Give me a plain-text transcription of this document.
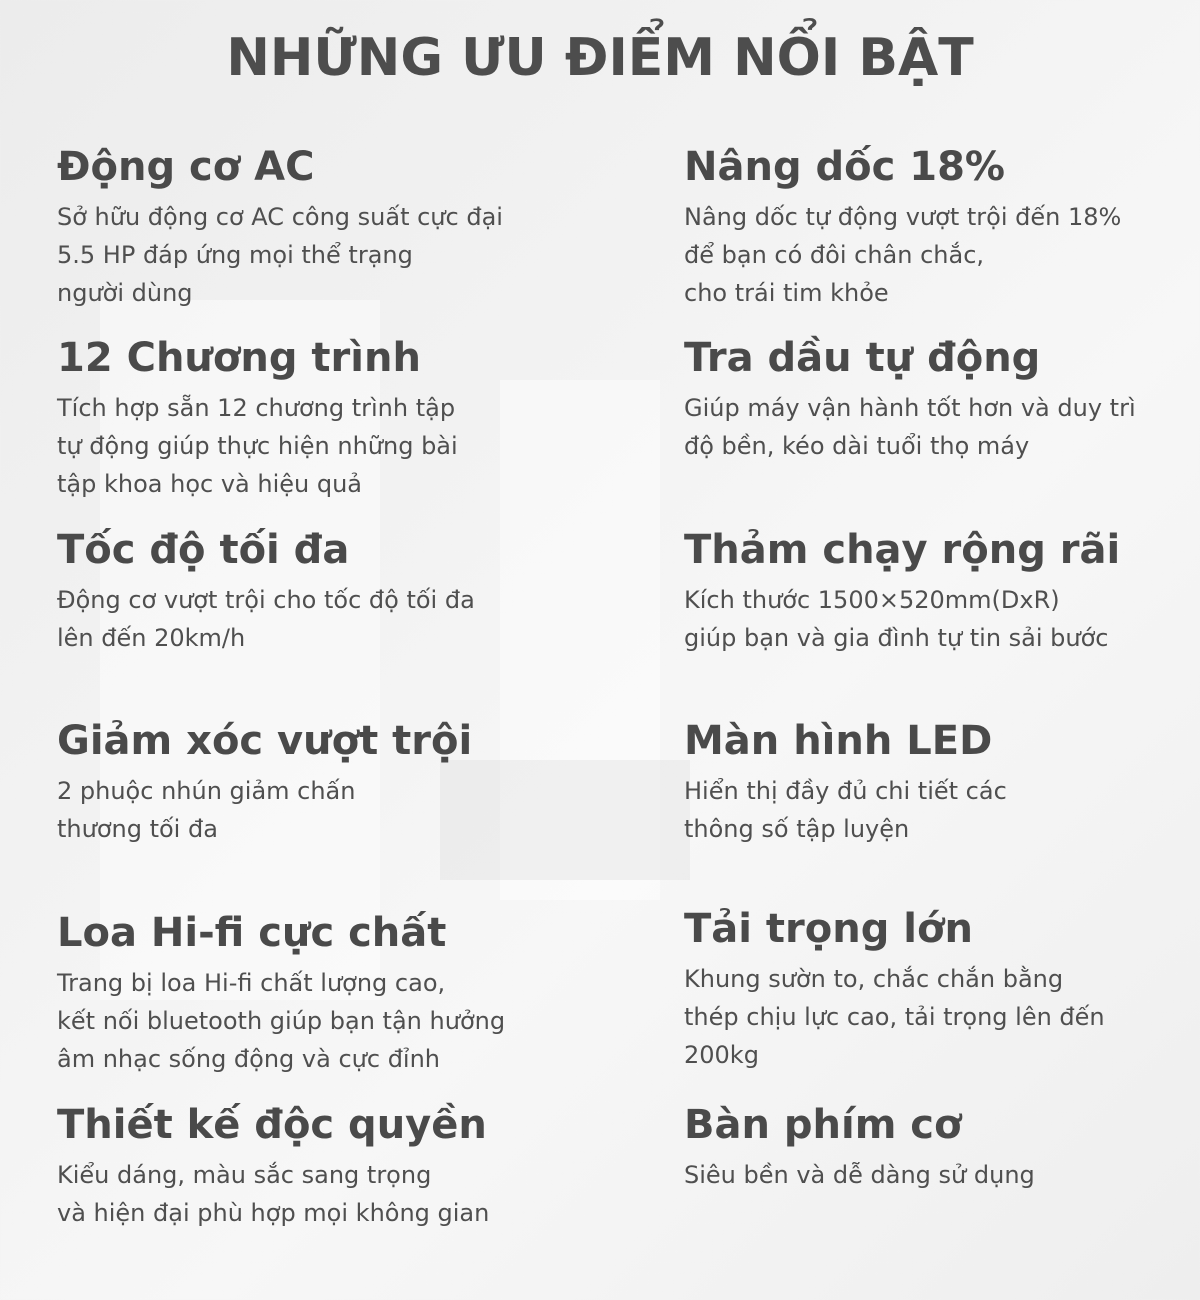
NHỮNG ƯU ĐIỂM NỔI BẬT
Động cơ AC

Sở hữu động cơ AC công suất cực đại
5.5 HP đáp ứng mọi thể trạng
người dùng

12 Chương trình

Tích hợp sẵn 12 chương trình tập
tự động giúp thực hiện những bài
tập khoa học và hiệu quả

Tốc độ tối đa

Động cơ vượt trội cho tốc độ tối đa
lên đến 20km/h

Giảm xóc vượt trội

2 phuộc nhún giảm chấn
thương tối đa

Loa Hi-fi cực chất

Trang bị loa Hi-fi chất lượng cao,
kết nối bluetooth giúp bạn tận hưởng
âm nhạc sống động và cực đỉnh

Thiết kế độc quyền

Kiểu dáng, màu sắc sang trọng
và hiện đại phù hợp mọi không gian

Nâng dốc 18%

Nâng dốc tự động vượt trội đến 18%
để bạn có đôi chân chắc,
cho trái tim khỏe

Tra dầu tự động

Giúp máy vận hành tốt hơn và duy trì
độ bền, kéo dài tuổi thọ máy

Thảm chạy rộng rãi

Kích thước 1500×520mm(DxR)
giúp bạn và gia đình tự tin sải bước

Màn hình LED

Hiển thị đầy đủ chi tiết các
thông số tập luyện

Tải trọng lớn

Khung sườn to, chắc chắn bằng
thép chịu lực cao, tải trọng lên đến
200kg

Bàn phím cơ

Siêu bền và dễ dàng sử dụng
